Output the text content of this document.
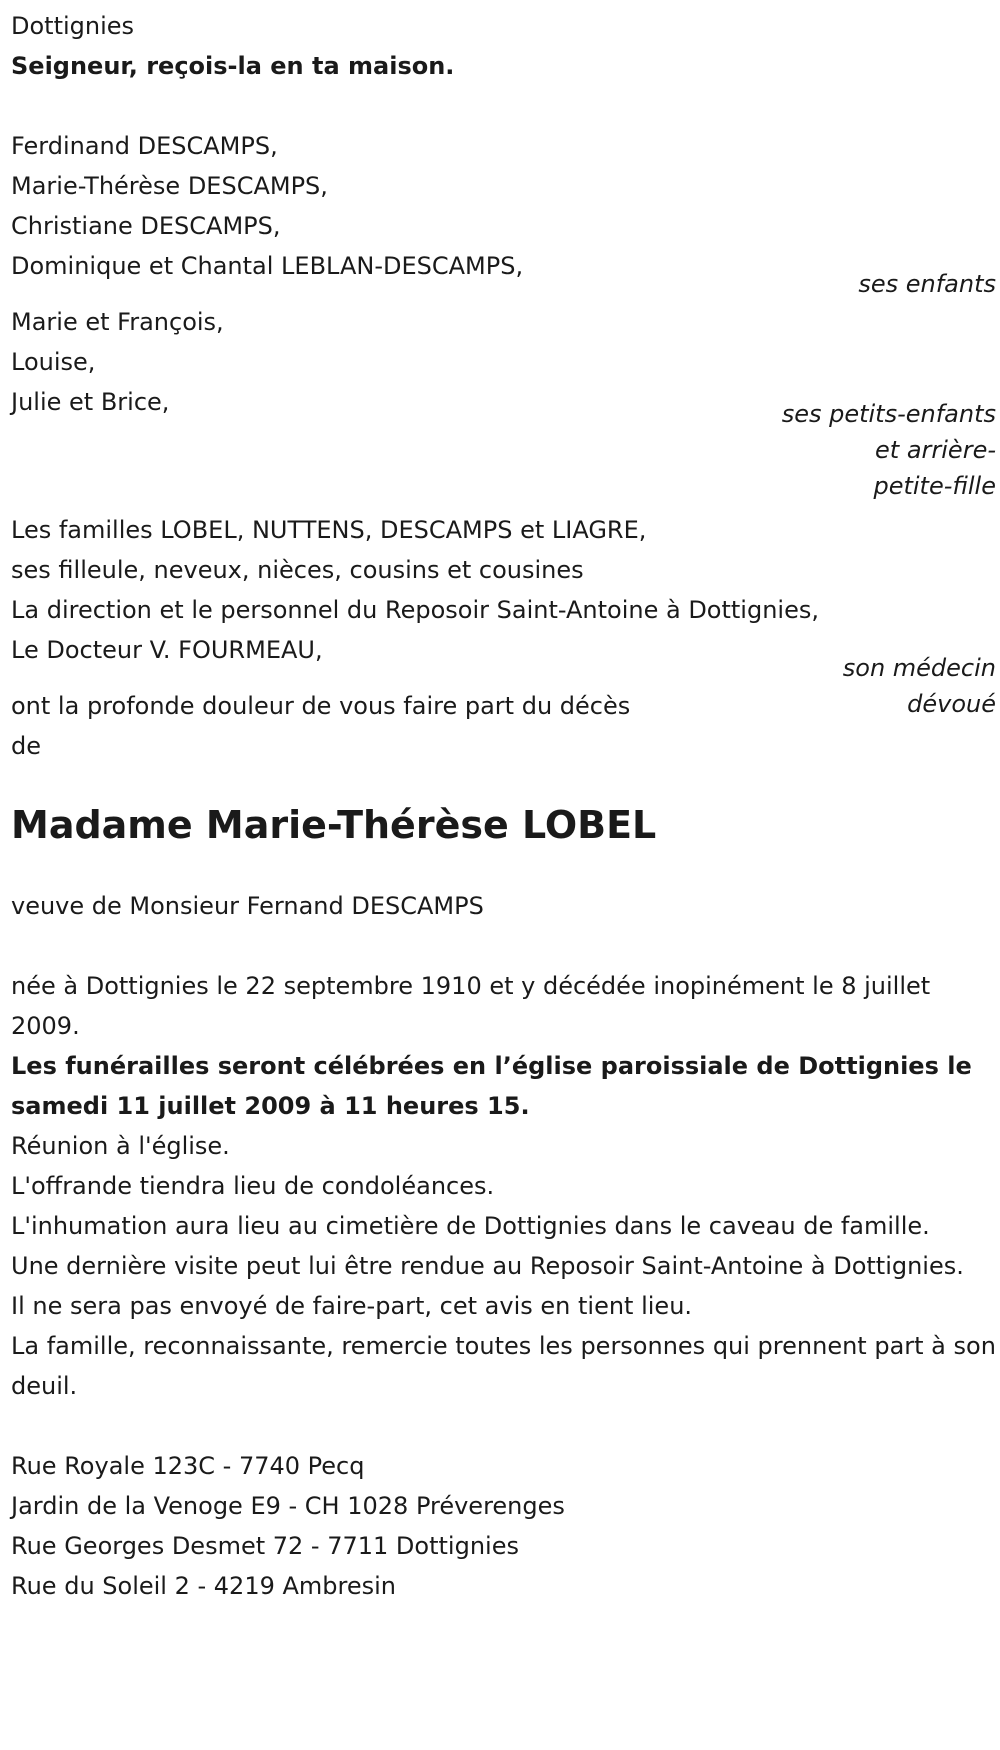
Dottignies
Seigneur, reçois-la en ta maison.
Ferdinand DESCAMPS,
Marie-Thérèse DESCAMPS,
Christiane DESCAMPS,
Dominique et Chantal LEBLAN-DESCAMPS,
ses enfants
Marie et François,
Louise,
Julie et Brice,	ses petits-enfants
et arrière-
petite-fille
Les familles LOBEL, NUTTENS, DESCAMPS et LIAGRE,
ses filleule, neveux, nièces, cousins et cousines
La direction et le personnel du Reposoir Saint-Antoine à Dottignies,
Le Docteur V. FOURMEAU,
son médecin
dévoué
ont la profonde douleur de vous faire part du décès
de
Madame Marie-Thérèse LOBEL
veuve de Monsieur Fernand DESCAMPS
née à Dottignies le 22 septembre 1910 et y décédée inopinément le 8 juillet 2009.
Les funérailles seront célébrées en l’église paroissiale de Dottignies le samedi 11 juillet 2009 à 11 heures 15.
Réunion à l'église.
L'offrande tiendra lieu de condoléances.
L'inhumation aura lieu au cimetière de Dottignies dans le caveau de famille.
Une dernière visite peut lui être rendue au Reposoir Saint-Antoine à Dottignies.
Il ne sera pas envoyé de faire-part, cet avis en tient lieu.
La famille, reconnaissante, remercie toutes les personnes qui prennent part à son deuil.
Rue Royale 123C - 7740 Pecq
Jardin de la Venoge E9 - CH 1028 Préverenges
Rue Georges Desmet 72 - 7711 Dottignies
Rue du Soleil 2 - 4219 Ambresin
